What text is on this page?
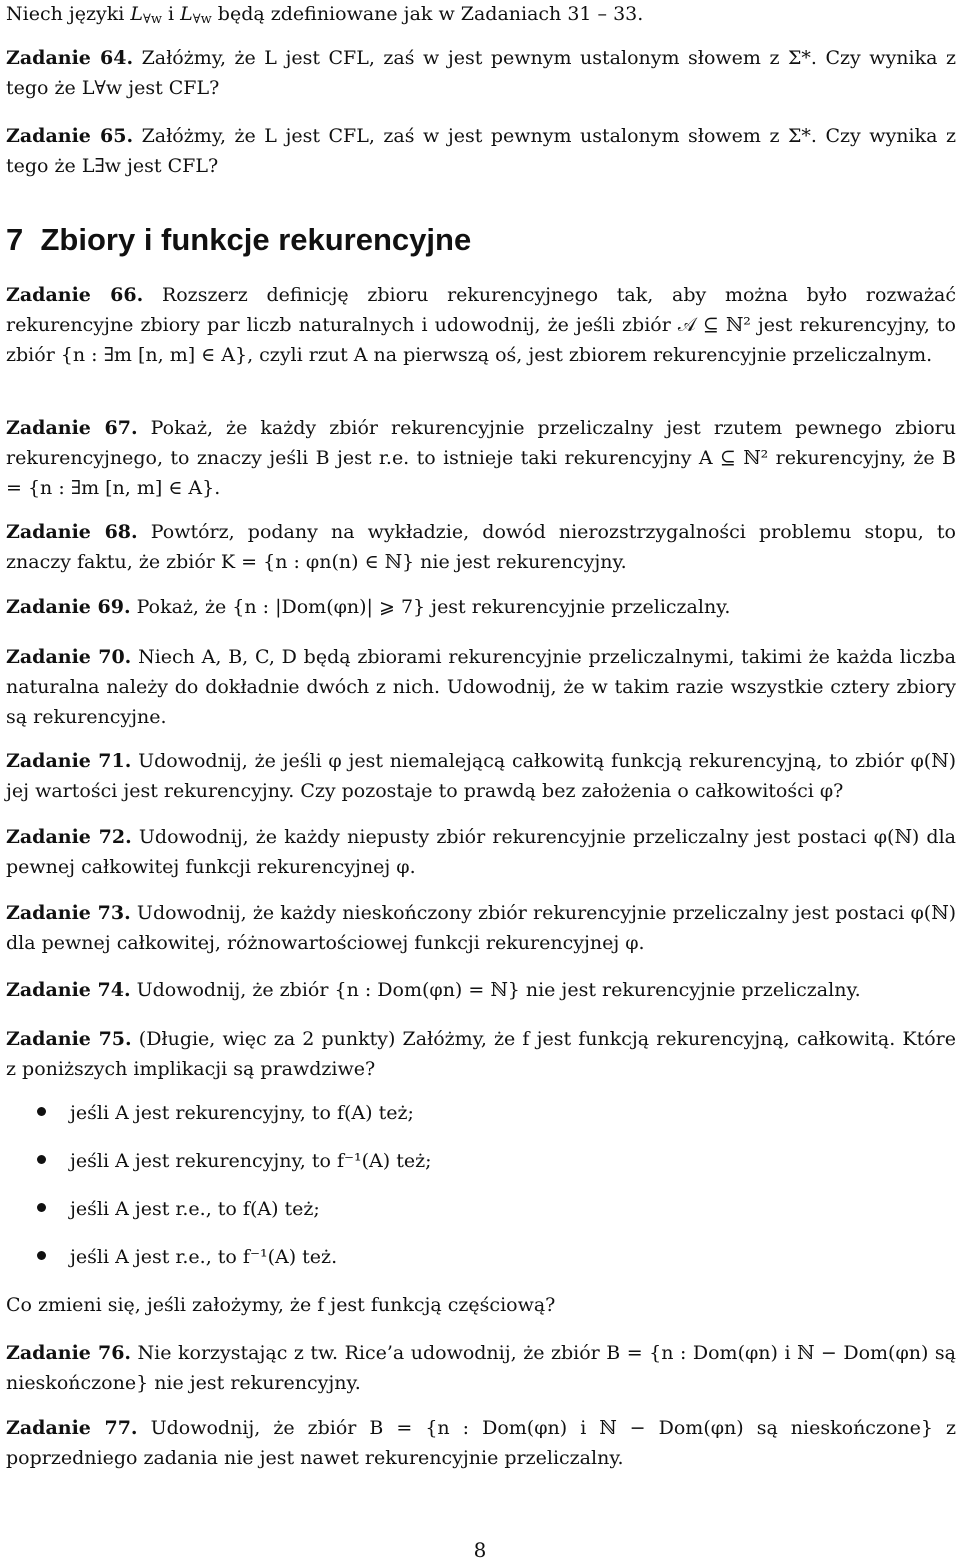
Niech języki $L_{\forall w}$ i $L_{\forall w}$ będą zdefiniowane jak w Zadaniach 31 – 33.

Zadanie 64. Załóżmy, że L jest CFL, zaś w jest pewnym ustalonym słowem z Σ*. Czy wynika z tego że L∀w jest CFL?

Zadanie 65. Załóżmy, że L jest CFL, zaś w jest pewnym ustalonym słowem z Σ*. Czy wynika z tego że L∃w jest CFL?

7 Zbiory i funkcje rekurencyjne

Zadanie 66. Rozszerz definicję zbioru rekurencyjnego tak, aby można było rozważać rekurencyjne zbiory par liczb naturalnych i udowodnij, że jeśli zbiór 𝒜 ⊆ ℕ² jest rekurencyjny, to zbiór {n : ∃m [n, m] ∈ A}, czyli rzut A na pierwszą oś, jest zbiorem rekurencyjnie przeliczalnym.

Zadanie 67. Pokaż, że każdy zbiór rekurencyjnie przeliczalny jest rzutem pewnego zbioru rekurencyjnego, to znaczy jeśli B jest r.e. to istnieje taki rekurencyjny A ⊆ ℕ² rekurencyjny, że B = {n : ∃m [n, m] ∈ A}.

Zadanie 68. Powtórz, podany na wykładzie, dowód nierozstrzygalności problemu stopu, to znaczy faktu, że zbiór K = {n : φn(n) ∈ ℕ} nie jest rekurencyjny.

Zadanie 69. Pokaż, że {n : |Dom(φn)| ⩾ 7} jest rekurencyjnie przeliczalny.

Zadanie 70. Niech A, B, C, D będą zbiorami rekurencyjnie przeliczalnymi, takimi że każda liczba naturalna należy do dokładnie dwóch z nich. Udowodnij, że w takim razie wszystkie cztery zbiory są rekurencyjne.

Zadanie 71. Udowodnij, że jeśli φ jest niemalejącą całkowitą funkcją rekurencyjną, to zbiór φ(ℕ) jej wartości jest rekurencyjny. Czy pozostaje to prawdą bez założenia o całkowitości φ?

Zadanie 72. Udowodnij, że każdy niepusty zbiór rekurencyjnie przeliczalny jest postaci φ(ℕ) dla pewnej całkowitej funkcji rekurencyjnej φ.

Zadanie 73. Udowodnij, że każdy nieskończony zbiór rekurencyjnie przeliczalny jest postaci φ(ℕ) dla pewnej całkowitej, różnowartościowej funkcji rekurencyjnej φ.

Zadanie 74. Udowodnij, że zbiór {n : Dom(φn) = ℕ} nie jest rekurencyjnie przeliczalny.

Zadanie 75. (Długie, więc za 2 punkty) Załóżmy, że f jest funkcją rekurencyjną, całkowitą. Które z poniższych implikacji są prawdziwe?

jeśli A jest rekurencyjny, to f(A) też;
jeśli A jest rekurencyjny, to f⁻¹(A) też;
jeśli A jest r.e., to f(A) też;
jeśli A jest r.e., to f⁻¹(A) też.

Co zmieni się, jeśli założymy, że f jest funkcją częściową?

Zadanie 76. Nie korzystając z tw. Rice’a udowodnij, że zbiór B = {n : Dom(φn) i ℕ − Dom(φn) są nieskończone} nie jest rekurencyjny.

Zadanie 77. Udowodnij, że zbiór B = {n : Dom(φn) i ℕ − Dom(φn) są nieskończone} z poprzedniego zadania nie jest nawet rekurencyjnie przeliczalny.

8
